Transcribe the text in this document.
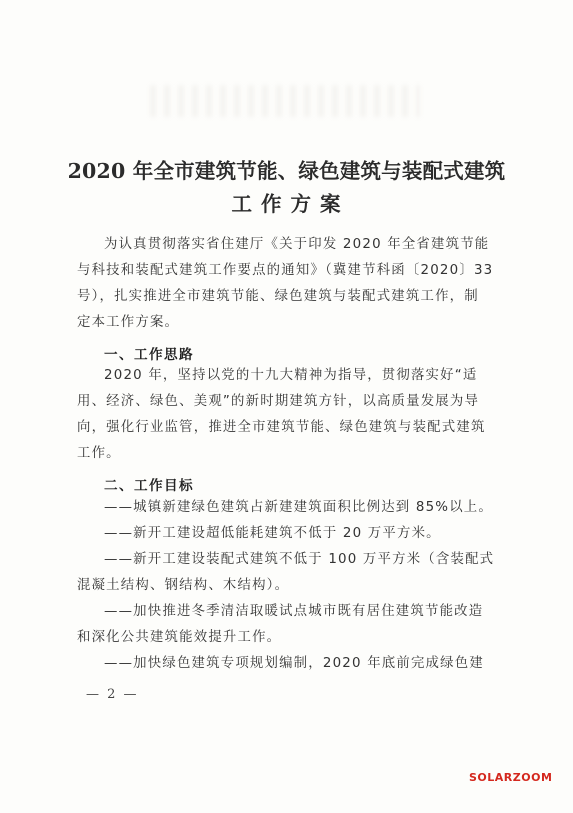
2020 年全市建筑节能、绿色建筑与装配式建筑
工作方案
为认真贯彻落实省住建厅《关于印发 2020 年全省建筑节能
与科技和装配式建筑工作要点的通知》（冀建节科函〔2020〕33
号），扎实推进全市建筑节能、绿色建筑与装配式建筑工作，制
定本工作方案。
一、工作思路
2020 年，坚持以党的十九大精神为指导，贯彻落实好“适
用、经济、绿色、美观”的新时期建筑方针，以高质量发展为导
向，强化行业监管，推进全市建筑节能、绿色建筑与装配式建筑
工作。
二、工作目标
——城镇新建绿色建筑占新建建筑面积比例达到 85%以上。
——新开工建设超低能耗建筑不低于 20 万平方米。
——新开工建设装配式建筑不低于 100 万平方米（含装配式
混凝土结构、钢结构、木结构）。
——加快推进冬季清洁取暖试点城市既有居住建筑节能改造
和深化公共建筑能效提升工作。
——加快绿色建筑专项规划编制，2020 年底前完成绿色建
— 2 —
SOLARZOOM
